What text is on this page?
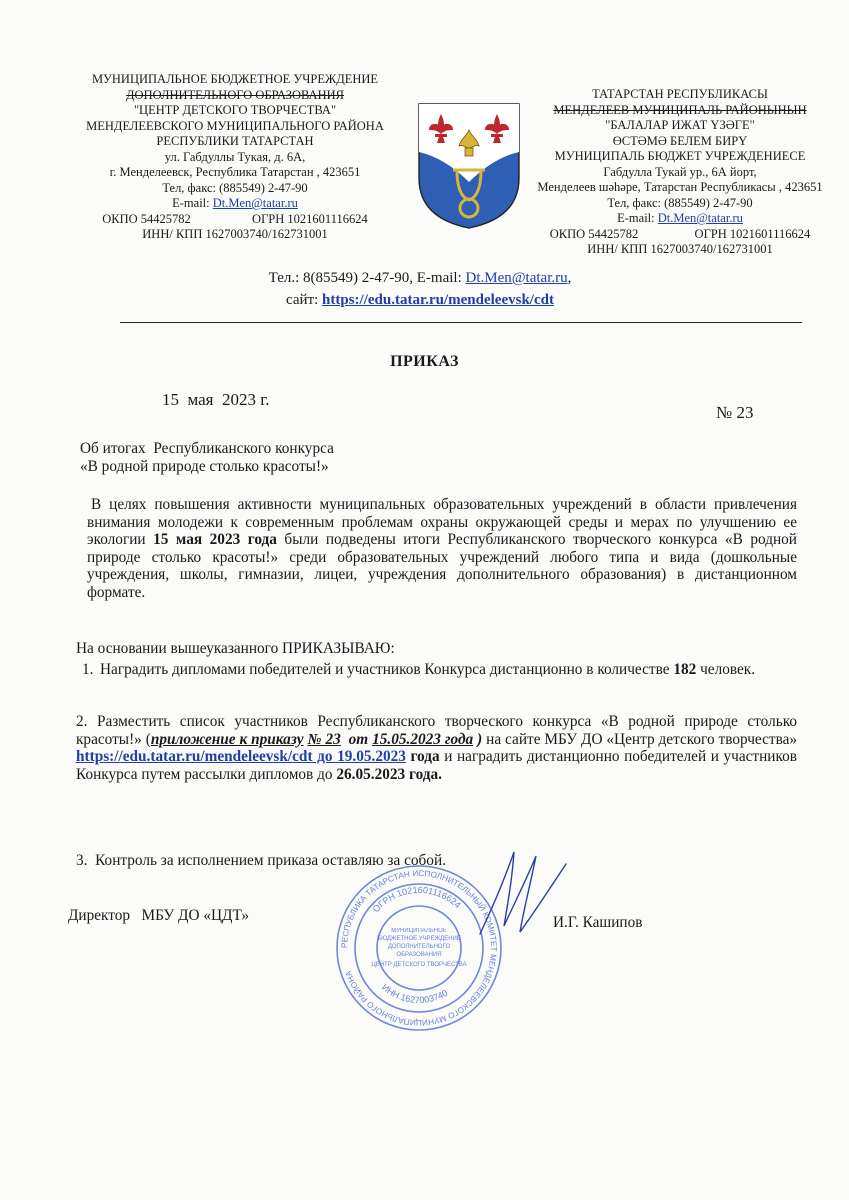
МУНИЦИПАЛЬНОЕ БЮДЖЕТНОЕ УЧРЕЖДЕНИЕ
ДОПОЛНИТЕЛЬНОГО ОБРАЗОВАНИЯ
"ЦЕНТР ДЕТСКОГО ТВОРЧЕСТВА"
МЕНДЕЛЕЕВСКОГО МУНИЦИПАЛЬНОГО РАЙОНА
РЕСПУБЛИКИ ТАТАРСТАН
ул. Габдуллы Тукая, д. 6А,
г. Менделеевск, Республика Татарстан , 423651
Тел, факс: (885549) 2-47-90
E-mail: Dt.Men@tatar.ru
ОКПО 54425782	ОГРН 1021601116624
ИНН/ КПП 1627003740/162731001
ТАТАРСТАН РЕСПУБЛИКАСЫ
МЕНДЕЛЕЕВ МУНИЦИПАЛЬ РАЙОНЫНЫН
"БАЛАЛАР ИЖАТ ҮЗӘГЕ"
ӨСТӘМӘ БЕЛЕМ БИРҮ
МУНИЦИПАЛЬ БЮДЖЕТ УЧРЕЖДЕНИЕСЕ
Габдулла Тукай ур., 6А йорт,
Менделеев шәһәре, Татарстан Республикасы , 423651
Тел, факс: (885549) 2-47-90
E-mail: Dt.Men@tatar.ru
ОКПО 54425782	ОГРН 1021601116624
ИНН/ КПП 1627003740/162731001
Тел.: 8(85549) 2-47-90, E-mail: Dt.Men@tatar.ru,
сайт: https://edu.tatar.ru/mendeleevsk/cdt
ПРИКАЗ
15  мая  2023 г.
№ 23
Об итогах  Республиканского конкурса
«В родной природе столько красоты!»
В целях повышения активности муниципальных образовательных учреждений в области привлечения внимания молодежи к современным проблемам охраны окружающей среды и мерах по улучшению ее экологии 15 мая 2023 года были подведены итоги Республиканского творческого конкурса «В родной природе столько красоты!» среди образовательных учреждений любого типа и вида (дошкольные учреждения, школы, гимназии, лицеи, учреждения дополнительного образования) в дистанционном формате.
На основании вышеуказанного ПРИКАЗЫВАЮ:
1. Наградить дипломами победителей и участников Конкурса дистанционно в количестве 182 человек.
2. Разместить список участников Республиканского творческого конкурса «В родной природе столько красоты!» (приложение к приказу № 23 от 15.05.2023 года ) на сайте МБУ ДО «Центр детского творчества» https://edu.tatar.ru/mendeleevsk/cdt до 19.05.2023 года и наградить дистанционно победителей и участников Конкурса путем рассылки дипломов до 26.05.2023 года.
3.  Контроль за исполнением приказа оставляю за собой.
РЕСПУБЛИКА ТАТАРСТАН ИСПОЛНИТЕЛЬНЫЙ КОМИТЕТ МЕНДЕЛЕЕВСКОГО МУНИЦИПАЛЬНОГО РАЙОНА
ОГРН 1021601116624
ИНН 1627003740
МУНИЦИПАЛЬНОЕ
БЮДЖЕТНОЕ УЧРЕЖДЕНИЕ
ДОПОЛНИТЕЛЬНОГО
ОБРАЗОВАНИЯ
ЦЕНТР ДЕТСКОГО ТВОРЧЕСТВА
Директор   МБУ ДО «ЦДТ»	И.Г. Кашипов
